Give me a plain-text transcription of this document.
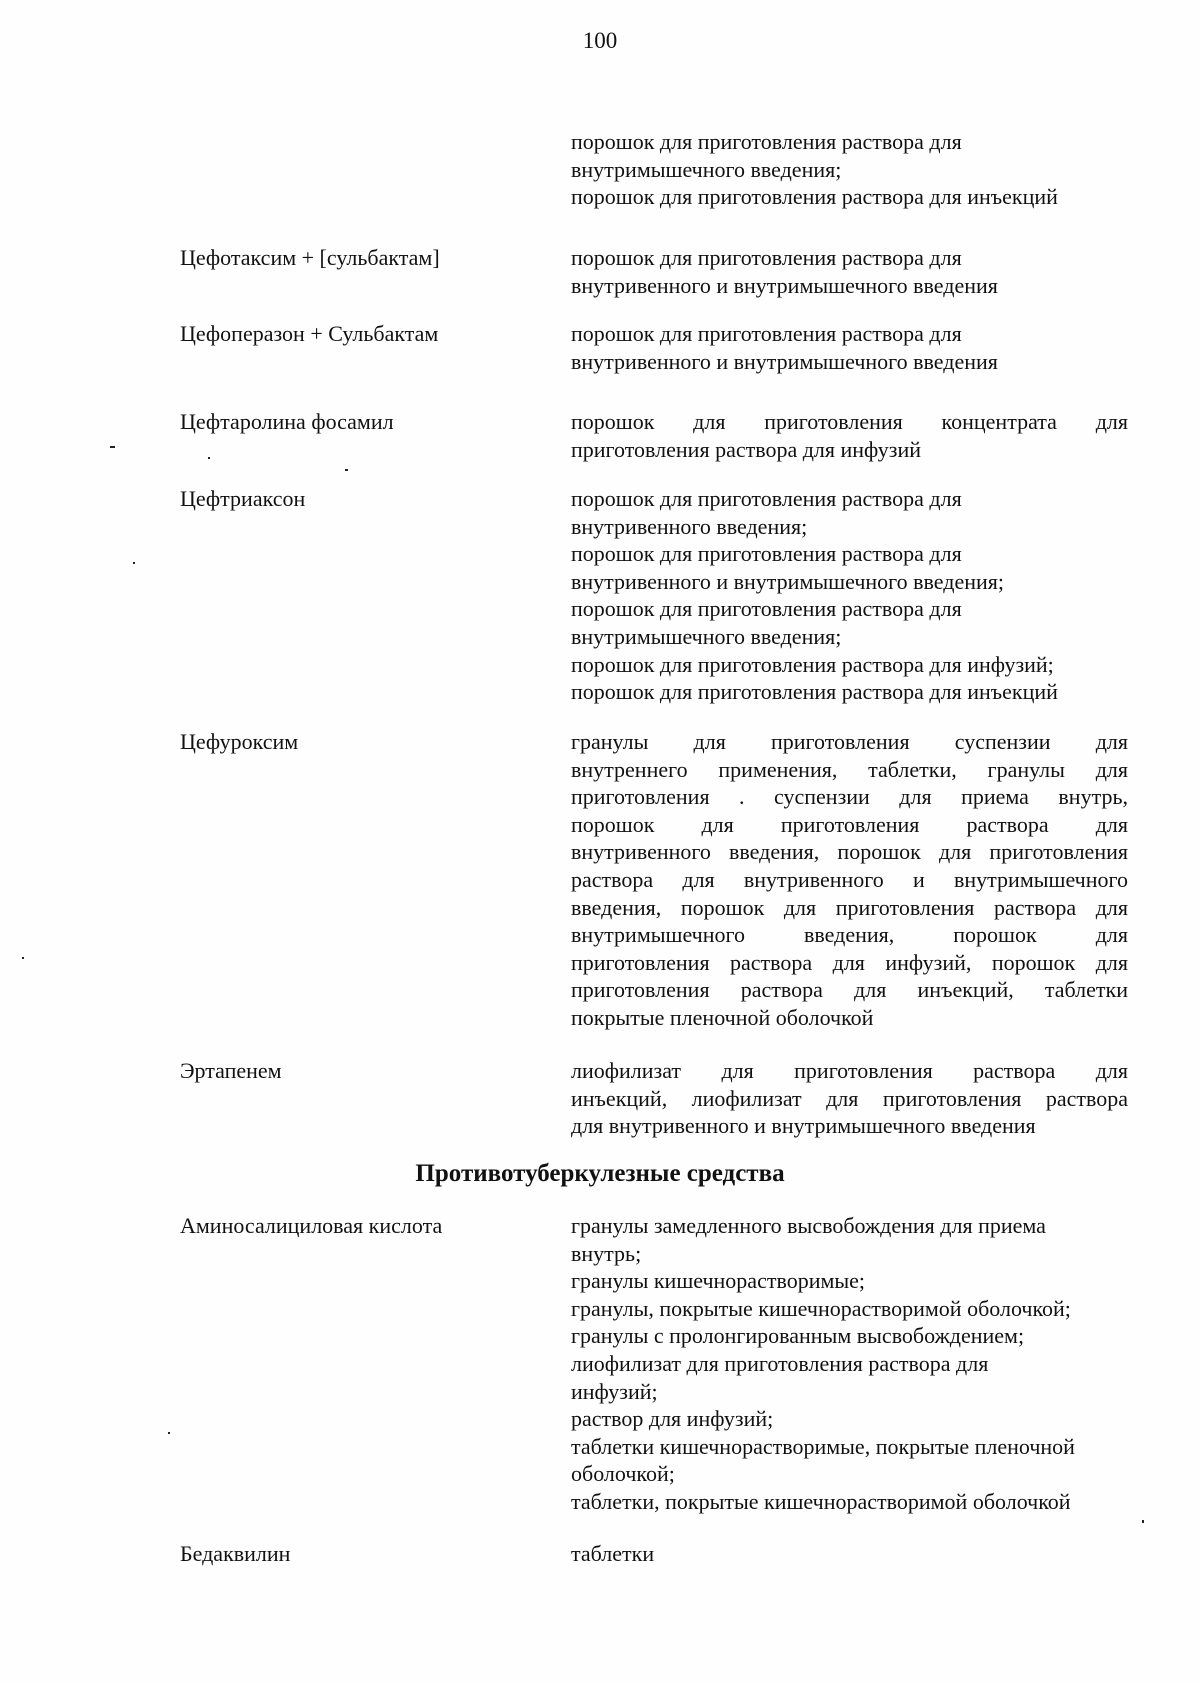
100
порошок для приготовления раствора для
внутримышечного введения;
порошок для приготовления раствора для инъекций
Цефотаксим + [сульбактам]	порошок для приготовления раствора для
внутривенного и внутримышечного введения
Цефоперазон + Сульбактам	порошок для приготовления раствора для
внутривенного и внутримышечного введения
Цефтаролина фосамил	порошок для приготовления концентрата для
приготовления раствора для инфузий
Цефтриаксон	порошок для приготовления раствора для
внутривенного введения;
порошок для приготовления раствора для
внутривенного и внутримышечного введения;
порошок для приготовления раствора для
внутримышечного введения;
порошок для приготовления раствора для инфузий;
порошок для приготовления раствора для инъекций
Цефуроксим	гранулы для приготовления суспензии для
внутреннего применения, таблетки, гранулы для
приготовления . суспензии для приема внутрь,
порошок для приготовления раствора для
внутривенного введения, порошок для приготовления
раствора для внутривенного и внутримышечного
введения, порошок для приготовления раствора для
внутримышечного введения, порошок для
приготовления раствора для инфузий, порошок для
приготовления раствора для инъекций, таблетки
покрытые пленочной оболочкой
Эртапенем	лиофилизат для приготовления раствора для
инъекций, лиофилизат для приготовления раствора
для внутривенного и внутримышечного введения
Противотуберкулезные средства
Аминосалициловая кислота	гранулы замедленного высвобождения для приема
внутрь;
гранулы кишечнорастворимые;
гранулы, покрытые кишечнорастворимой оболочкой;
гранулы с пролонгированным высвобождением;
лиофилизат для приготовления раствора для
инфузий;
раствор для инфузий;
таблетки кишечнорастворимые, покрытые пленочной
оболочкой;
таблетки, покрытые кишечнорастворимой оболочкой
Бедаквилин	таблетки
